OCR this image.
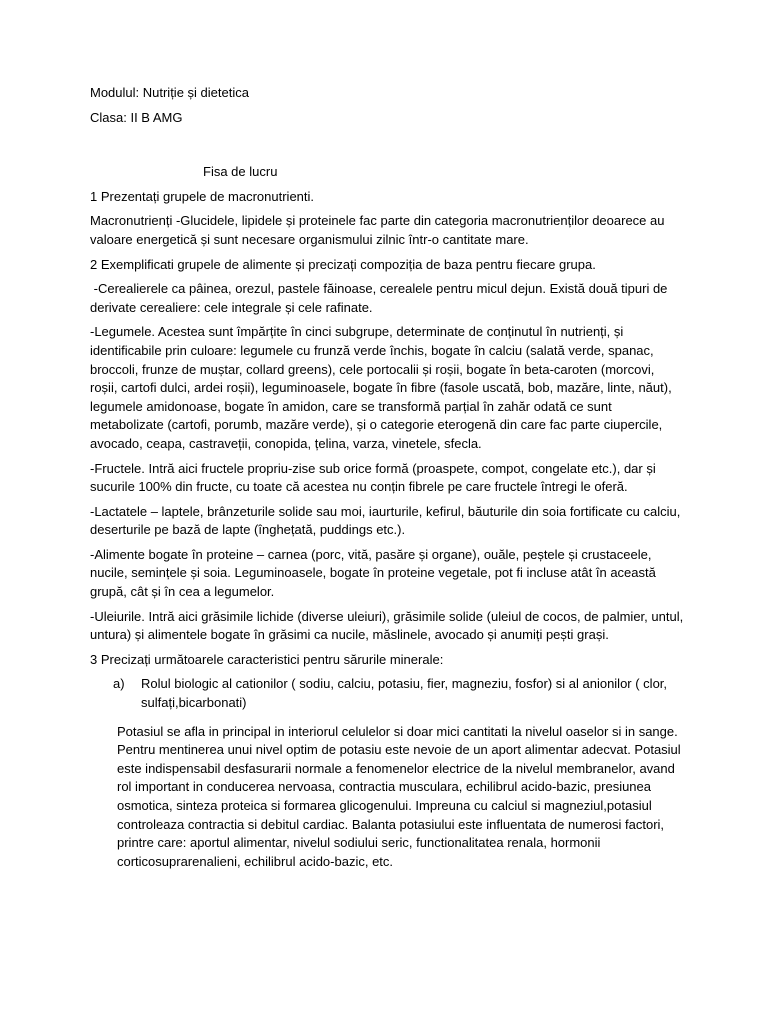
Modulul: Nutriție și dietetica

Clasa: II B AMG

Fisa de lucru

1 Prezentați grupele de macronutrienti.

Macronutrienți -Glucidele, lipidele și proteinele fac parte din categoria macronutrienților deoarece au valoare energetică și sunt necesare organismului zilnic într-o cantitate mare.

2 Exemplificati grupele de alimente și precizați compoziția de baza pentru fiecare grupa.

-Cerealierele ca pâinea, orezul, pastele făinoase, cerealele pentru micul dejun. Există două tipuri de derivate cerealiere: cele integrale și cele rafinate.

-Legumele. Acestea sunt împărțite în cinci subgrupe, determinate de conținutul în nutrienți, și identificabile prin culoare: legumele cu frunză verde închis, bogate în calciu (salată verde, spanac, broccoli, frunze de muștar, collard greens), cele portocalii și roșii, bogate în beta-caroten (morcovi, roșii, cartofi dulci, ardei roșii), leguminoasele, bogate în fibre (fasole uscată, bob, mazăre, linte, năut), legumele amidonoase, bogate în amidon, care se transformă parțial în zahăr odată ce sunt metabolizate (cartofi, porumb, mazăre verde), și o categorie eterogenă din care fac parte ciupercile, avocado, ceapa, castraveții, conopida, țelina, varza, vinetele, sfecla.

-Fructele. Intră aici fructele propriu-zise sub orice formă (proaspete, compot, congelate etc.), dar și sucurile 100% din fructe, cu toate că acestea nu conțin fibrele pe care fructele întregi le oferă.

-Lactatele – laptele, brânzeturile solide sau moi, iaurturile, kefirul, băuturile din soia fortificate cu calciu, deserturile pe bază de lapte (înghețată, puddings etc.).

-Alimente bogate în proteine – carnea (porc, vită, pasăre și organe), ouăle, peștele și crustaceele, nucile, semințele și soia. Leguminoasele, bogate în proteine vegetale, pot fi incluse atât în această grupă, cât și în cea a legumelor.

-Uleiurile. Intră aici grăsimile lichide (diverse uleiuri), grăsimile solide (uleiul de cocos, de palmier, untul, untura) și alimentele bogate în grăsimi ca nucile, măslinele, avocado și anumiți pești grași.

3 Precizați următoarele caracteristici pentru sărurile minerale:

a)	Rolul biologic al cationilor ( sodiu, calciu, potasiu, fier, magneziu, fosfor) si al anionilor ( clor, sulfați,bicarbonati)

Potasiul se afla in principal in interiorul celulelor si doar mici cantitati la nivelul oaselor si in sange. Pentru mentinerea unui nivel optim de potasiu este nevoie de un aport alimentar adecvat. Potasiul este indispensabil desfasurarii normale a fenomenelor electrice de la nivelul membranelor, avand rol important in conducerea nervoasa, contractia musculara, echilibrul acido-bazic, presiunea osmotica, sinteza proteica si formarea glicogenului. Impreuna cu calciul si magneziul,potasiul controleaza contractia si debitul cardiac. Balanta potasiului este influentata de numerosi factori, printre care: aportul alimentar, nivelul sodiului seric, functionalitatea renala, hormonii corticosuprarenalieni, echilibrul acido-bazic, etc.
